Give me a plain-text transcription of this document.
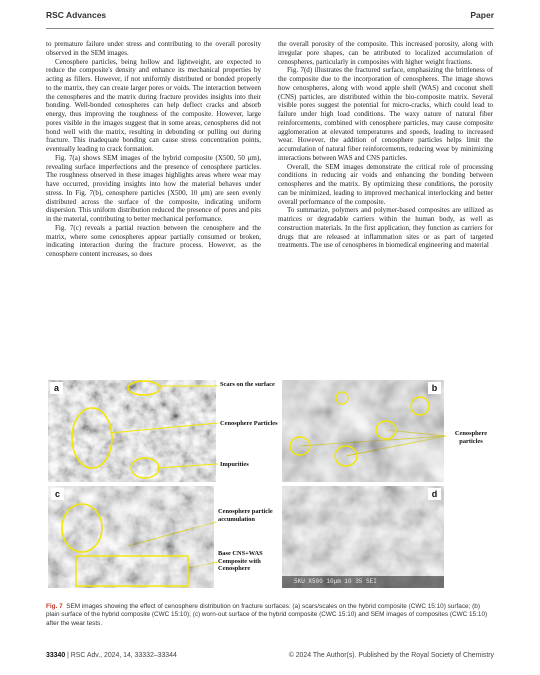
RSC Advances	Paper

to premature failure under stress and contributing to the overall porosity observed in the SEM images.

Cenosphere particles, being hollow and lightweight, are expected to reduce the composite's density and enhance its mechanical properties by acting as fillers. However, if not uniformly distributed or bonded properly to the matrix, they can create larger pores or voids. The interaction between the cenospheres and the matrix during fracture provides insights into their bonding. Well-bonded cenospheres can help deflect cracks and absorb energy, thus improving the toughness of the composite. However, large pores visible in the images suggest that in some areas, cenospheres did not bond well with the matrix, resulting in debonding or pulling out during fracture. This inadequate bonding can cause stress concentration points, eventually leading to crack formation.

Fig. 7(a) shows SEM images of the hybrid composite (X500, 50 μm), revealing surface imperfections and the presence of cenosphere particles. The roughness observed in these images highlights areas where wear may have occurred, providing insights into how the material behaves under stress. In Fig. 7(b), cenosphere particles (X500, 10 μm) are seen evenly distributed across the surface of the composite, indicating uniform dispersion. This uniform distribution reduced the presence of pores and pits in the material, contributing to better mechanical performance.

Fig. 7(c) reveals a partial reaction between the cenosphere and the matrix, where some cenospheres appear partially consumed or broken, indicating interaction during the fracture process. However, as the cenosphere content increases, so does

the overall porosity of the composite. This increased porosity, along with irregular pore shapes, can be attributed to localized accumulation of cenospheres, particularly in composites with higher weight fractions.

Fig. 7(d) illustrates the fractured surface, emphasizing the brittleness of the composite due to the incorporation of cenospheres. The image shows how cenospheres, along with wood apple shell (WAS) and coconut shell (CNS) particles, are distributed within the bio-composite matrix. Several visible pores suggest the potential for micro-cracks, which could lead to failure under high load conditions. The waxy nature of natural fiber reinforcements, combined with cenosphere particles, may cause composite agglomeration at elevated temperatures and speeds, leading to increased wear. However, the addition of cenosphere particles helps limit the accumulation of natural fiber reinforcements, reducing wear by minimizing interactions between WAS and CNS particles.

Overall, the SEM images demonstrate the critical role of processing conditions in reducing air voids and enhancing the bonding between cenospheres and the matrix. By optimizing these conditions, the porosity can be minimized, leading to improved mechanical interlocking and better overall performance of the composite.

To summarize, polymers and polymer-based composites are utilized as matrices or degradable carriers within the human body, as well as construction materials. In the first application, they function as carriers for drugs that are released at inflammation sites or as part of targeted treatments. The use of cenospheres in biomedical engineering and material

a	Scars on the surface
Cenosphere Particles
Impurities
b
Cenosphere particles
c
Cenosphere particle accumulation
Base CNS+WAS Composite with Cenosphere
5KU X500 10μm 10 35 SEI
d
Fig. 7 SEM images showing the effect of cenosphere distribution on fracture surfaces: (a) scars/scales on the hybrid composite (CWC 15:10) surface; (b) plain surface of the hybrid composite (CWC 15:10); (c) worn-out surface of the hybrid composite (CWC 15:10) and SEM images of composites (CWC 15:10) after the wear tests.
33340 | RSC Adv., 2024, 14, 33332–33344	© 2024 The Author(s). Published by the Royal Society of Chemistry
